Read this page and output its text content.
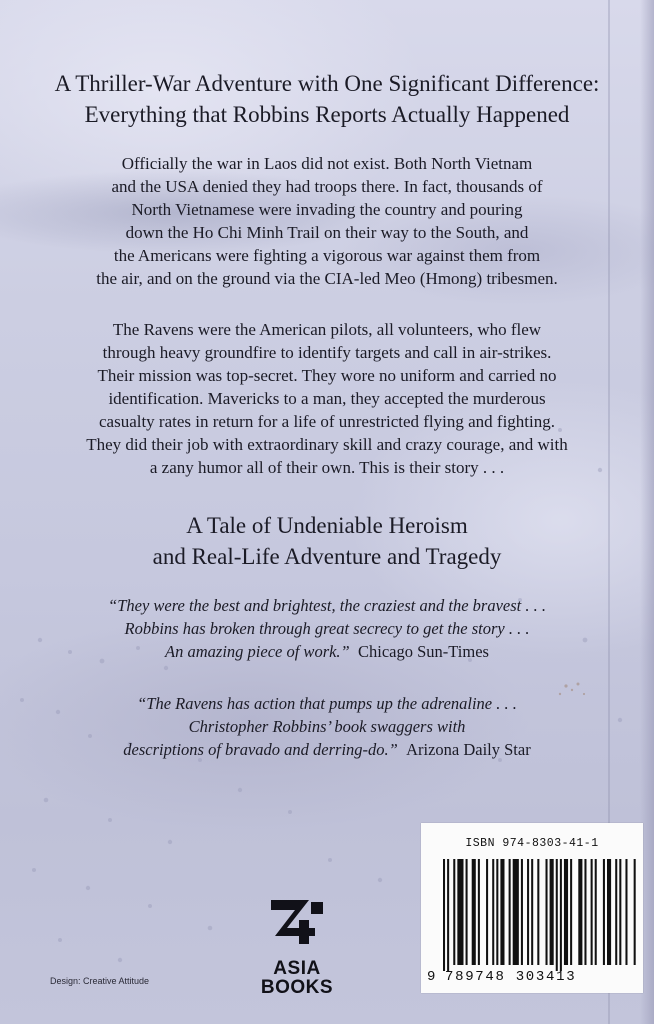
A Thriller-War Adventure with One Significant Difference:
Everything that Robbins Reports Actually Happened
Officially the war in Laos did not exist. Both North Vietnam
and the USA denied they had troops there. In fact, thousands of
North Vietnamese were invading the country and pouring
down the Ho Chi Minh Trail on their way to the South, and
the Americans were fighting a vigorous war against them from
the air, and on the ground via the CIA-led Meo (Hmong) tribesmen.
The Ravens were the American pilots, all volunteers, who flew
through heavy groundfire to identify targets and call in air-strikes.
Their mission was top-secret. They wore no uniform and carried no
identification. Mavericks to a man, they accepted the murderous
casualty rates in return for a life of unrestricted flying and fighting.
They did their job with extraordinary skill and crazy courage, and with
a zany humor all of their own. This is their story . . .
A Tale of Undeniable Heroism
and Real-Life Adventure and Tragedy
“They were the best and brightest, the craziest and the bravest . . .
Robbins has broken through great secrecy to get the story . . .
An amazing piece of work.” Chicago Sun-Times
“The Ravens has action that pumps up the adrenaline . . .
Christopher Robbins’ book swaggers with
descriptions of bravado and derring-do.” Arizona Daily Star
ASIA
BOOKS
Design: Creative Attitude
ISBN 974-8303-41-1
9 789748 303413
